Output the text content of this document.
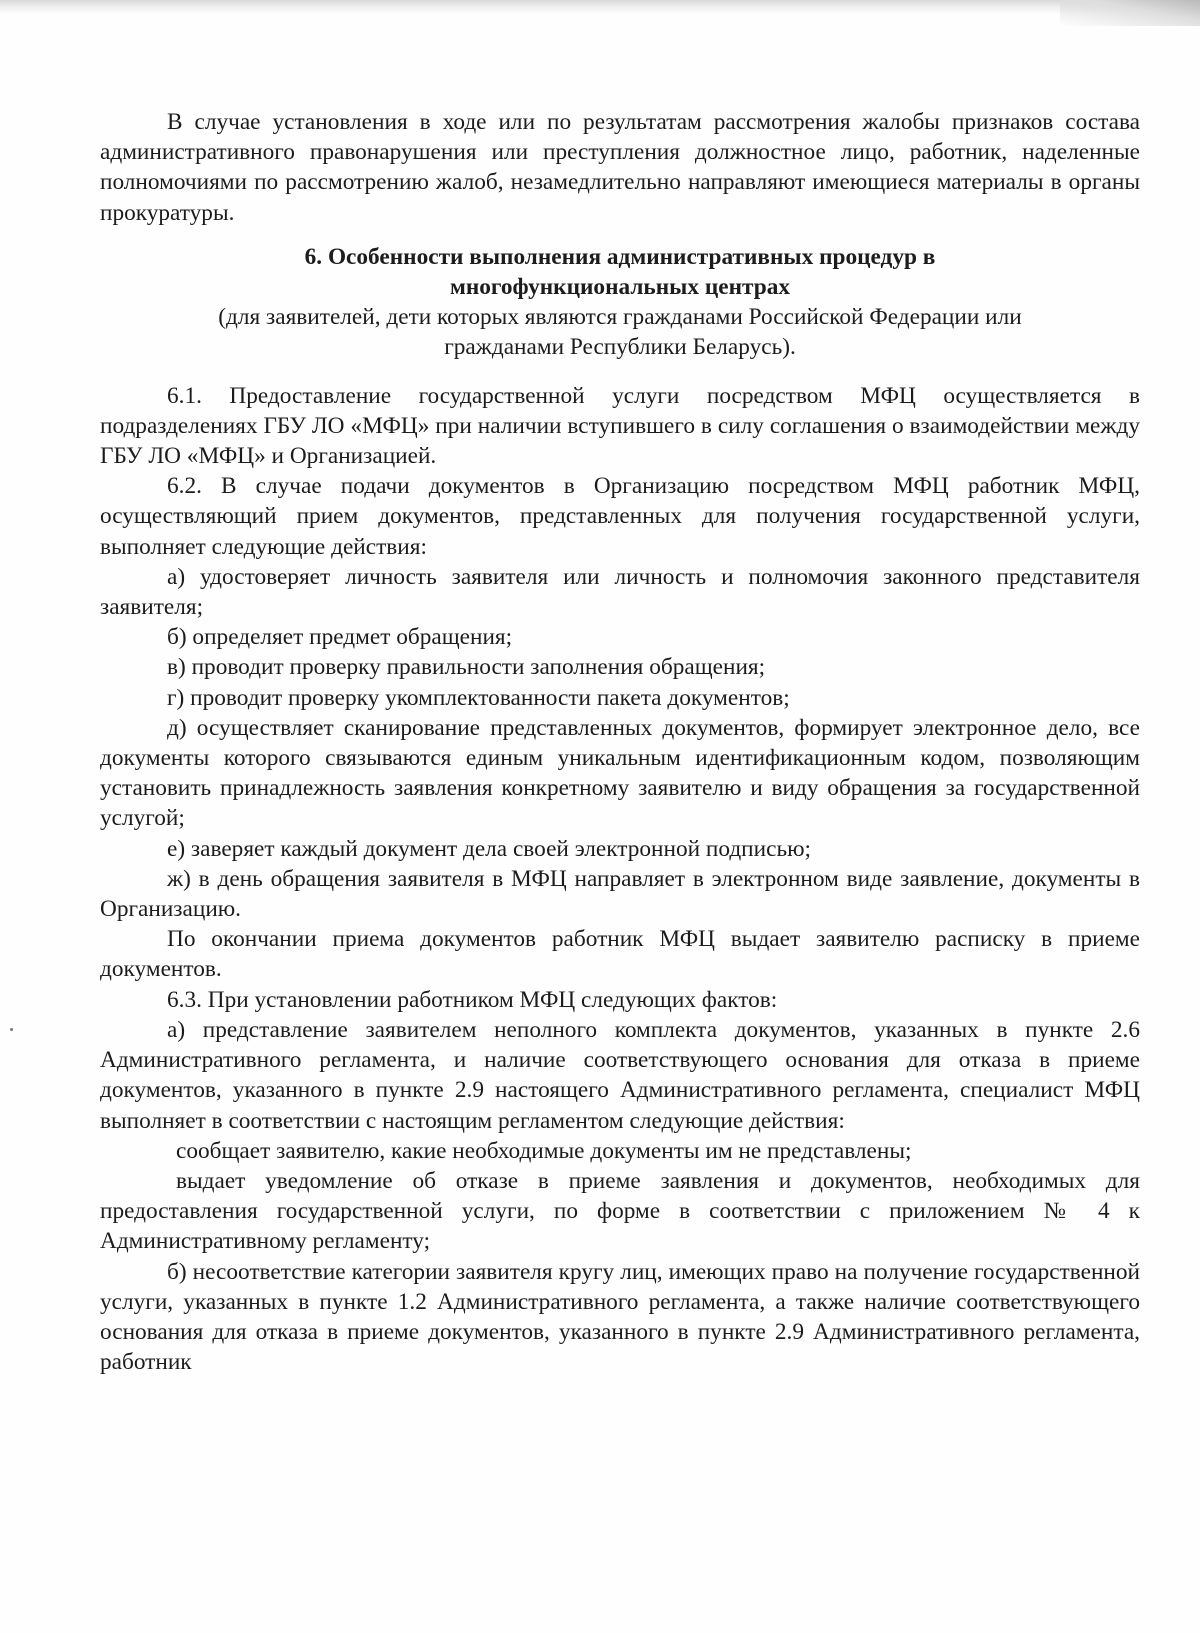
В случае установления в ходе или по результатам рассмотрения жалобы признаков состава административного правонарушения или преступления должностное лицо, работник, наделенные полномочиями по рассмотрению жалоб, незамедлительно направляют имеющиеся материалы в органы прокуратуры.

6. Особенности выполнения административных процедур в многофункциональных центрах
(для заявителей, дети которых являются гражданами Российской Федерации или гражданами Республики Беларусь).

6.1. Предоставление государственной услуги посредством МФЦ осуществляется в подразделениях ГБУ ЛО «МФЦ» при наличии вступившего в силу соглашения о взаимодействии между ГБУ ЛО «МФЦ» и Организацией.

6.2. В случае подачи документов в Организацию посредством МФЦ работник МФЦ, осуществляющий прием документов, представленных для получения государственной услуги, выполняет следующие действия:

а) удостоверяет личность заявителя или личность и полномочия законного представителя заявителя;

б) определяет предмет обращения;

в) проводит проверку правильности заполнения обращения;

г) проводит проверку укомплектованности пакета документов;

д) осуществляет сканирование представленных документов, формирует электронное дело, все документы которого связываются единым уникальным идентификационным кодом, позволяющим установить принадлежность заявления конкретному заявителю и виду обращения за государственной услугой;

е) заверяет каждый документ дела своей электронной подписью;

ж) в день обращения заявителя в МФЦ направляет в электронном виде заявление, документы в Организацию.

По окончании приема документов работник МФЦ выдает заявителю расписку в приеме документов.

6.3. При установлении работником МФЦ следующих фактов:

а) представление заявителем неполного комплекта документов, указанных в пункте 2.6 Административного регламента, и наличие соответствующего основания для отказа в приеме документов, указанного в пункте 2.9 настоящего Административного регламента, специалист МФЦ выполняет в соответствии с настоящим регламентом следующие действия:

сообщает заявителю, какие необходимые документы им не представлены;

выдает уведомление об отказе в приеме заявления и документов, необходимых для предоставления государственной услуги, по форме в соответствии с приложением № 4 к Административному регламенту;

б) несоответствие категории заявителя кругу лиц, имеющих право на получение государственной услуги, указанных в пункте 1.2 Административного регламента, а также наличие соответствующего основания для отказа в приеме документов, указанного в пункте 2.9 Административного регламента, работник
